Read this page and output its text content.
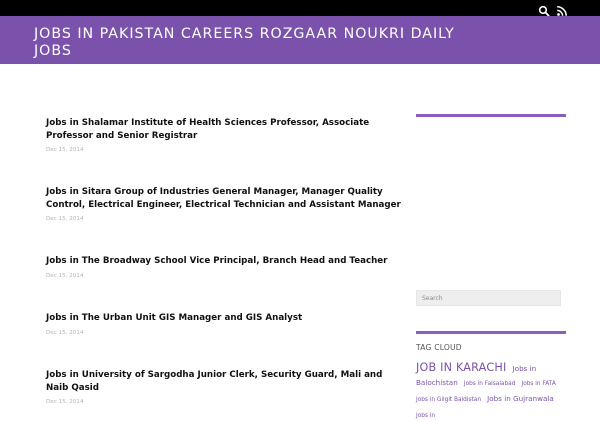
JOBS IN PAKISTAN CAREERS ROZGAAR NOUKRI DAILY JOBS
Jobs in Shalamar Institute of Health Sciences Professor, Associate Professor and Senior Registrar
Dec 15, 2014
Jobs in Sitara Group of Industries General Manager, Manager Quality Control, Electrical Engineer, Electrical Technician and Assistant Manager
Dec 15, 2014
Jobs in The Broadway School Vice Principal, Branch Head and Teacher
Dec 15, 2014
Jobs in The Urban Unit GIS Manager and GIS Analyst
Dec 15, 2014
Jobs in University of Sargodha Junior Clerk, Security Guard, Mali and Naib Qasid
Dec 15, 2014
Search
TAG CLOUD
JOB IN KARACHI Jobs in Balochistan Jobs in Faisalabad Jobs in FATA Jobs in Gilgit Baldistan Jobs in Gujranwala Jobs in
